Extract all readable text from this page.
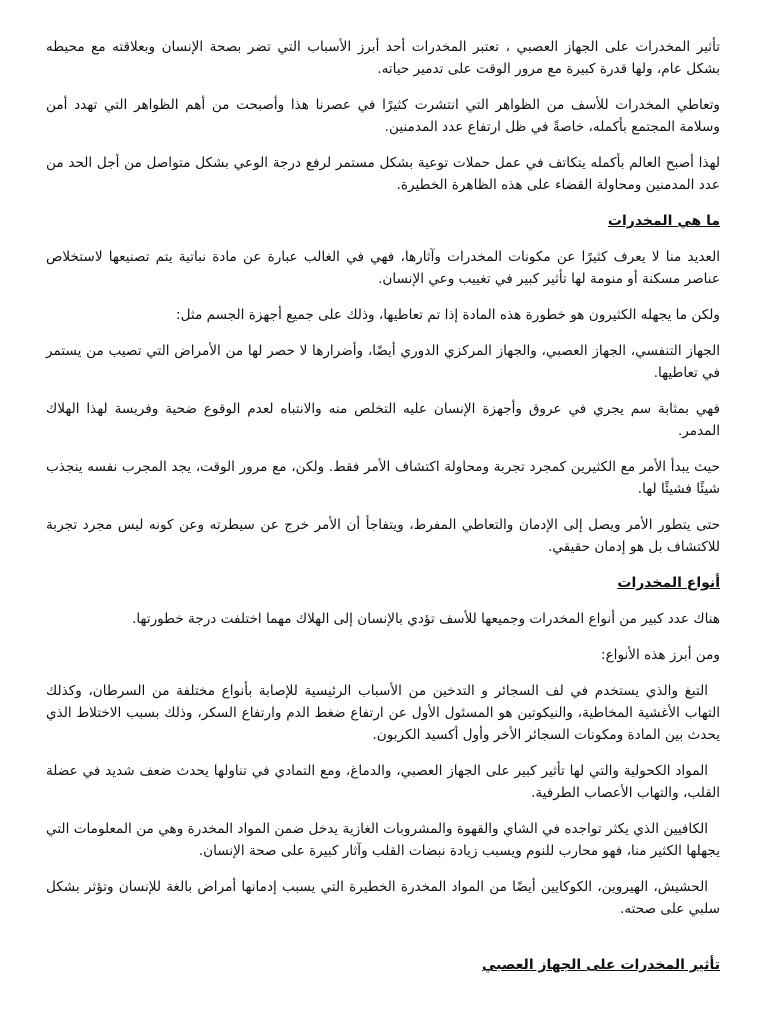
تأثير المخدرات على الجهاز العصبي ، تعتبر المخدرات أحد أبرز الأسباب التي تضر بصحة الإنسان وبعلاقته مع محيطه بشكل عام، ولها قدرة كبيرة مع مرور الوقت على تدمير حياته.

وتعاطي المخدرات للأسف من الظواهر التي انتشرت كثيرًا في عصرنا هذا وأصبحت من أهم الظواهر التي تهدد أمن وسلامة المجتمع بأكمله، خاصةً في ظل ارتفاع عدد المدمنين.

لهذا أصبح العالم بأكمله يتكاتف في عمل حملات توعية بشكل مستمر لرفع درجة الوعي بشكل متواصل من أجل الحد من عدد المدمنين ومحاولة القضاء على هذه الظاهرة الخطيرة.

ما هي المخدرات

العديد منا لا يعرف كثيرًا عن مكونات المخدرات وآثارها، فهي في الغالب عبارة عن مادة نباتية يتم تصنيعها لاستخلاص عناصر مسكنة أو منومة لها تأثير كبير في تغييب وعي الإنسان.

ولكن ما يجهله الكثيرون هو خطورة هذه المادة إذا تم تعاطيها، وذلك على جميع أجهزة الجسم مثل:

الجهاز التنفسي، الجهاز العصبي، والجهاز المركزي الدوري أيضًا، وأضرارها لا حصر لها من الأمراض التي تصيب من يستمر في تعاطيها.

فهي بمثابة سم يجري في عروق وأجهزة الإنسان عليه التخلص منه والانتباه لعدم الوقوع ضحية وفريسة لهذا الهلاك المدمر.

حيث يبدأ الأمر مع الكثيرين كمجرد تجربة ومحاولة اكتشاف الأمر فقط. ولكن، مع مرور الوقت، يجد المجرب نفسه ينجذب شيئًا فشيئًا لها.

حتى يتطور الأمر ويصل إلى الإدمان والتعاطي المفرط، ويتفاجأ أن الأمر خرج عن سيطرته وعن كونه ليس مجرد تجربة للاكتشاف بل هو إدمان حقيقي.

أنواع المخدرات

هناك عدد كبير من أنواع المخدرات وجميعها للأسف تؤدي بالإنسان إلى الهلاك مهما اختلفت درجة خطورتها.

ومن أبرز هذه الأنواع:

التبغ والذي يستخدم في لف السجائر و التدخين من الأسباب الرئيسية للإصابة بأنواع مختلفة من السرطان، وكذلك التهاب الأغشية المخاطية، والنيكوتين هو المسئول الأول عن ارتفاع ضغط الدم وارتفاع السكر، وذلك بسبب الاختلاط الذي يحدث بين المادة ومكونات السجائر الأخر وأول أكسيد الكربون.

المواد الكحولية والتي لها تأثير كبير على الجهاز العصبي، والدماغ، ومع التمادي في تناولها يحدث ضعف شديد في عضلة القلب، والتهاب الأعصاب الطرفية.

الكافيين الذي يكثر تواجده في الشاي والقهوة والمشروبات الغازية يدخل ضمن المواد المخدرة وهي من المعلومات التي يجهلها الكثير منا، فهو محارب للنوم ويسبب زيادة نبضات القلب وآثار كبيرة على صحة الإنسان.

الحشيش، الهيروين، الكوكايين أيضًا من المواد المخدرة الخطيرة التي يسبب إدمانها أمراض بالغة للإنسان وتؤثر بشكل سلبي على صحته.

تأثير المخدرات على الجهاز العصبي
